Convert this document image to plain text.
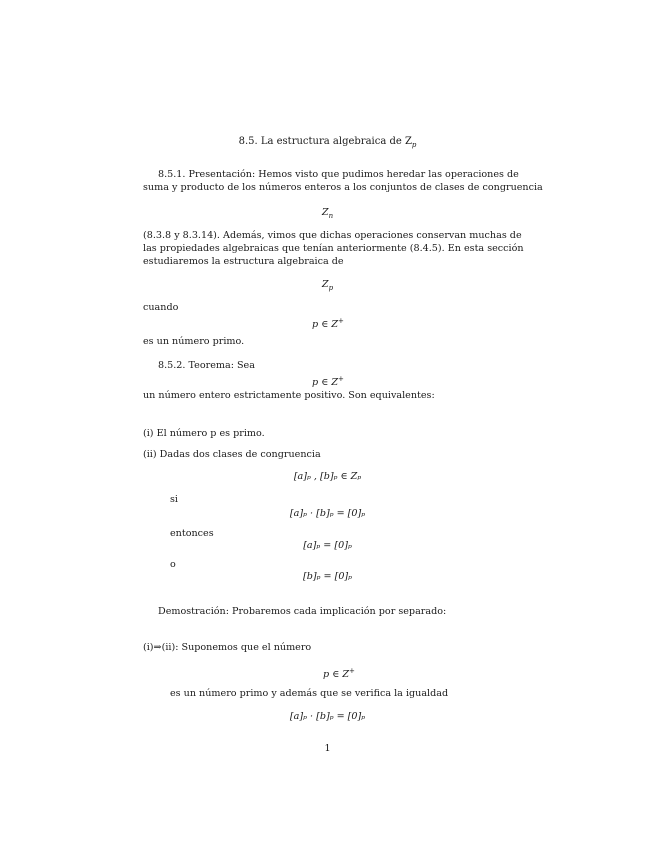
8.5. La estructura algebraica de $Z_p$
8.5.1. Presentación: Hemos visto que pudimos heredar las operaciones de
suma y producto de los números enteros a los conjuntos de clases de congruencia
$Z_n$
(8.3.8 y 8.3.14). Además, vimos que dichas operaciones conservan muchas de
las propiedades algebraicas que tenían anteriormente (8.4.5). En esta sección
estudiaremos la estructura algebraica de
$Z_p$
cuando
p ∈ Z+
es un número primo.
8.5.2. Teorema: Sea
p ∈ Z+
un número entero estrictamente positivo. Son equivalentes:
(i) El número p es primo.
(ii) Dadas dos clases de congruencia
[a]ₚ , [b]ₚ ∈ Zₚ
si
[a]ₚ · [b]ₚ = [0]ₚ
entonces
[a]ₚ = [0]ₚ
o
[b]ₚ = [0]ₚ
Demostración: Probaremos cada implicación por separado:
(i)⇒(ii): Suponemos que el número
p ∈ Z+
es un número primo y además que se verifica la igualdad
[a]ₚ · [b]ₚ = [0]ₚ
1
